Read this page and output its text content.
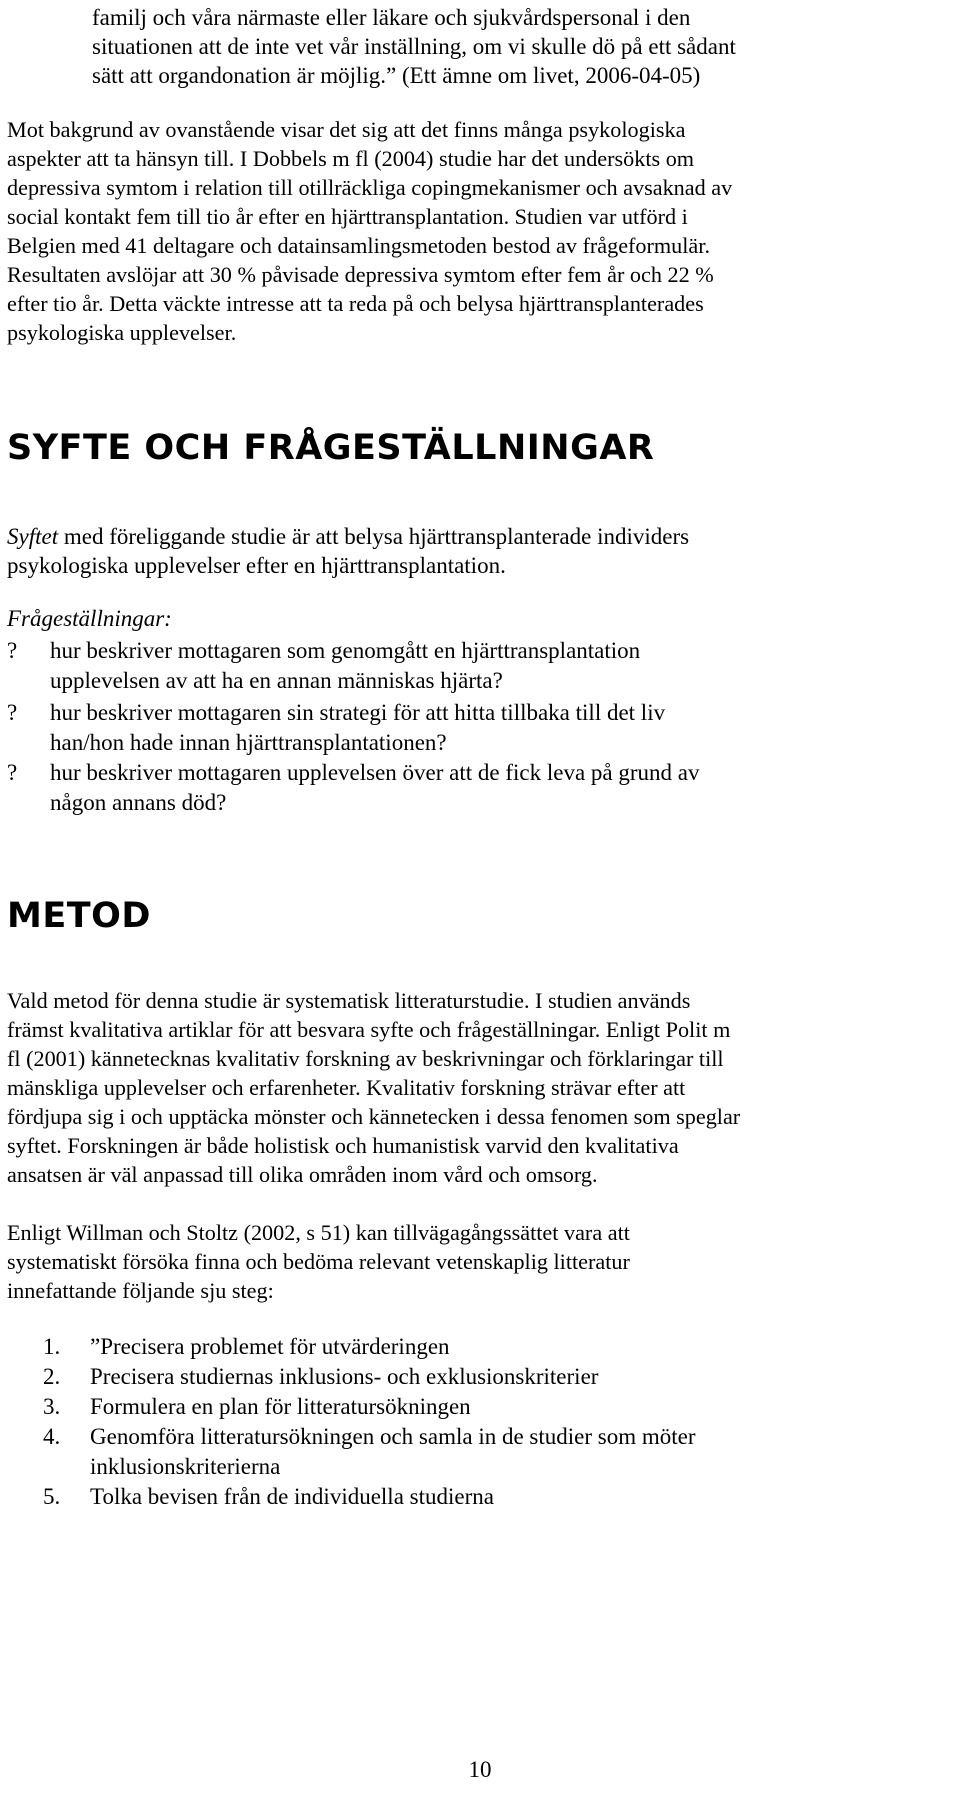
familj och våra närmaste eller läkare och sjukvårdspersonal i den
situationen att de inte vet vår inställning, om vi skulle dö på ett sådant
sätt att organdonation är möjlig.” (Ett ämne om livet, 2006-04-05)
Mot bakgrund av ovanstående visar det sig att det finns många psykologiska
aspekter att ta hänsyn till. I Dobbels m fl (2004) studie har det undersökts om
depressiva symtom i relation till otillräckliga copingmekanismer och avsaknad av
social kontakt fem till tio år efter en hjärttransplantation. Studien var utförd i
Belgien med 41 deltagare och datainsamlingsmetoden bestod av frågeformulär.
Resultaten avslöjar att 30 % påvisade depressiva symtom efter fem år och 22 %
efter tio år. Detta väckte intresse att ta reda på och belysa hjärttransplanterades
psykologiska upplevelser.
SYFTE OCH FRÅGESTÄLLNINGAR
Syftet med föreliggande studie är att belysa hjärttransplanterade individers
psykologiska upplevelser efter en hjärttransplantation.
Frågeställningar:
? hur beskriver mottagaren som genomgått en hjärttransplantation
upplevelsen av att ha en annan människas hjärta?
? hur beskriver mottagaren sin strategi för att hitta tillbaka till det liv
han/hon hade innan hjärttransplantationen?
? hur beskriver mottagaren upplevelsen över att de fick leva på grund av
någon annans död?
METOD
Vald metod för denna studie är systematisk litteraturstudie. I studien används
främst kvalitativa artiklar för att besvara syfte och frågeställningar. Enligt Polit m
fl (2001) kännetecknas kvalitativ forskning av beskrivningar och förklaringar till
mänskliga upplevelser och erfarenheter. Kvalitativ forskning strävar efter att
fördjupa sig i och upptäcka mönster och kännetecken i dessa fenomen som speglar
syftet. Forskningen är både holistisk och humanistisk varvid den kvalitativa
ansatsen är väl anpassad till olika områden inom vård och omsorg.
Enligt Willman och Stoltz (2002, s 51) kan tillvägagångssättet vara att
systematiskt försöka finna och bedöma relevant vetenskaplig litteratur
innefattande följande sju steg:
1. ”Precisera problemet för utvärderingen
2. Precisera studiernas inklusions- och exklusionskriterier
3. Formulera en plan för litteratursökningen
4. Genomföra litteratursökningen och samla in de studier som möter
inklusionskriterierna
5. Tolka bevisen från de individuella studierna
10
